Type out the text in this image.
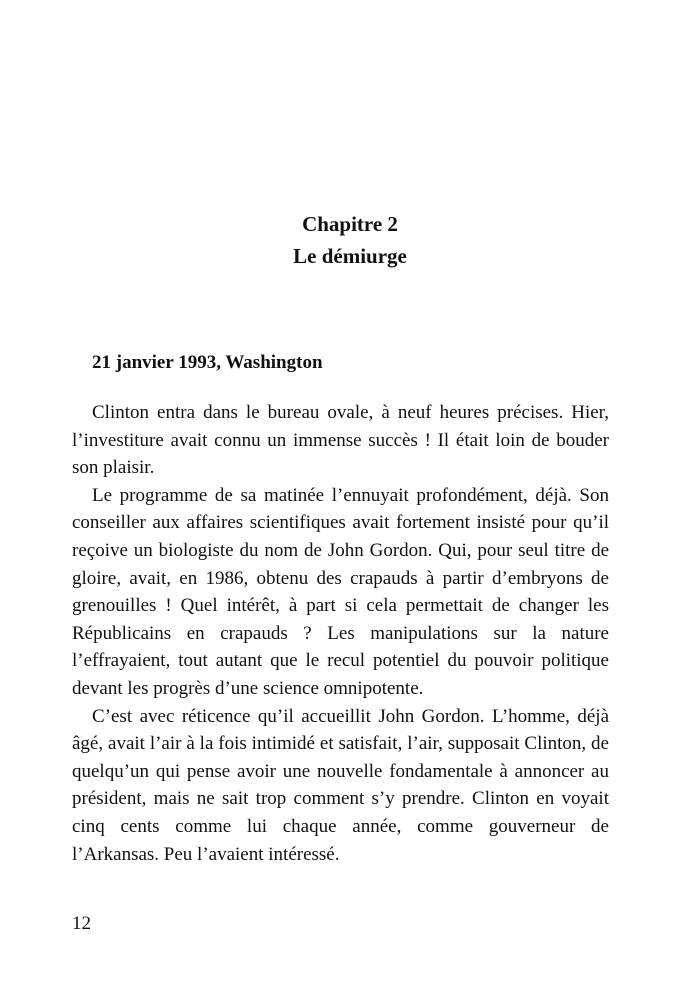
Chapitre 2
Le démiurge
21 janvier 1993, Washington

Clinton entra dans le bureau ovale, à neuf heures précises. Hier, l’investiture avait connu un immense succès ! Il était loin de bouder son plaisir.

Le programme de sa matinée l’ennuyait profondément, déjà. Son conseiller aux affaires scientifiques avait fortement insisté pour qu’il reçoive un biologiste du nom de John Gordon. Qui, pour seul titre de gloire, avait, en 1986, obtenu des crapauds à partir d’embryons de grenouilles ! Quel intérêt, à part si cela permettait de changer les Républicains en crapauds ? Les manipulations sur la nature l’effrayaient, tout autant que le recul potentiel du pouvoir politique devant les progrès d’une science omnipotente.

C’est avec réticence qu’il accueillit John Gordon. L’homme, déjà âgé, avait l’air à la fois intimidé et satisfait, l’air, supposait Clinton, de quelqu’un qui pense avoir une nouvelle fondamentale à annoncer au président, mais ne sait trop comment s’y prendre. Clinton en voyait cinq cents comme lui chaque année, comme gouverneur de l’Arkansas. Peu l’avaient intéressé.

12
